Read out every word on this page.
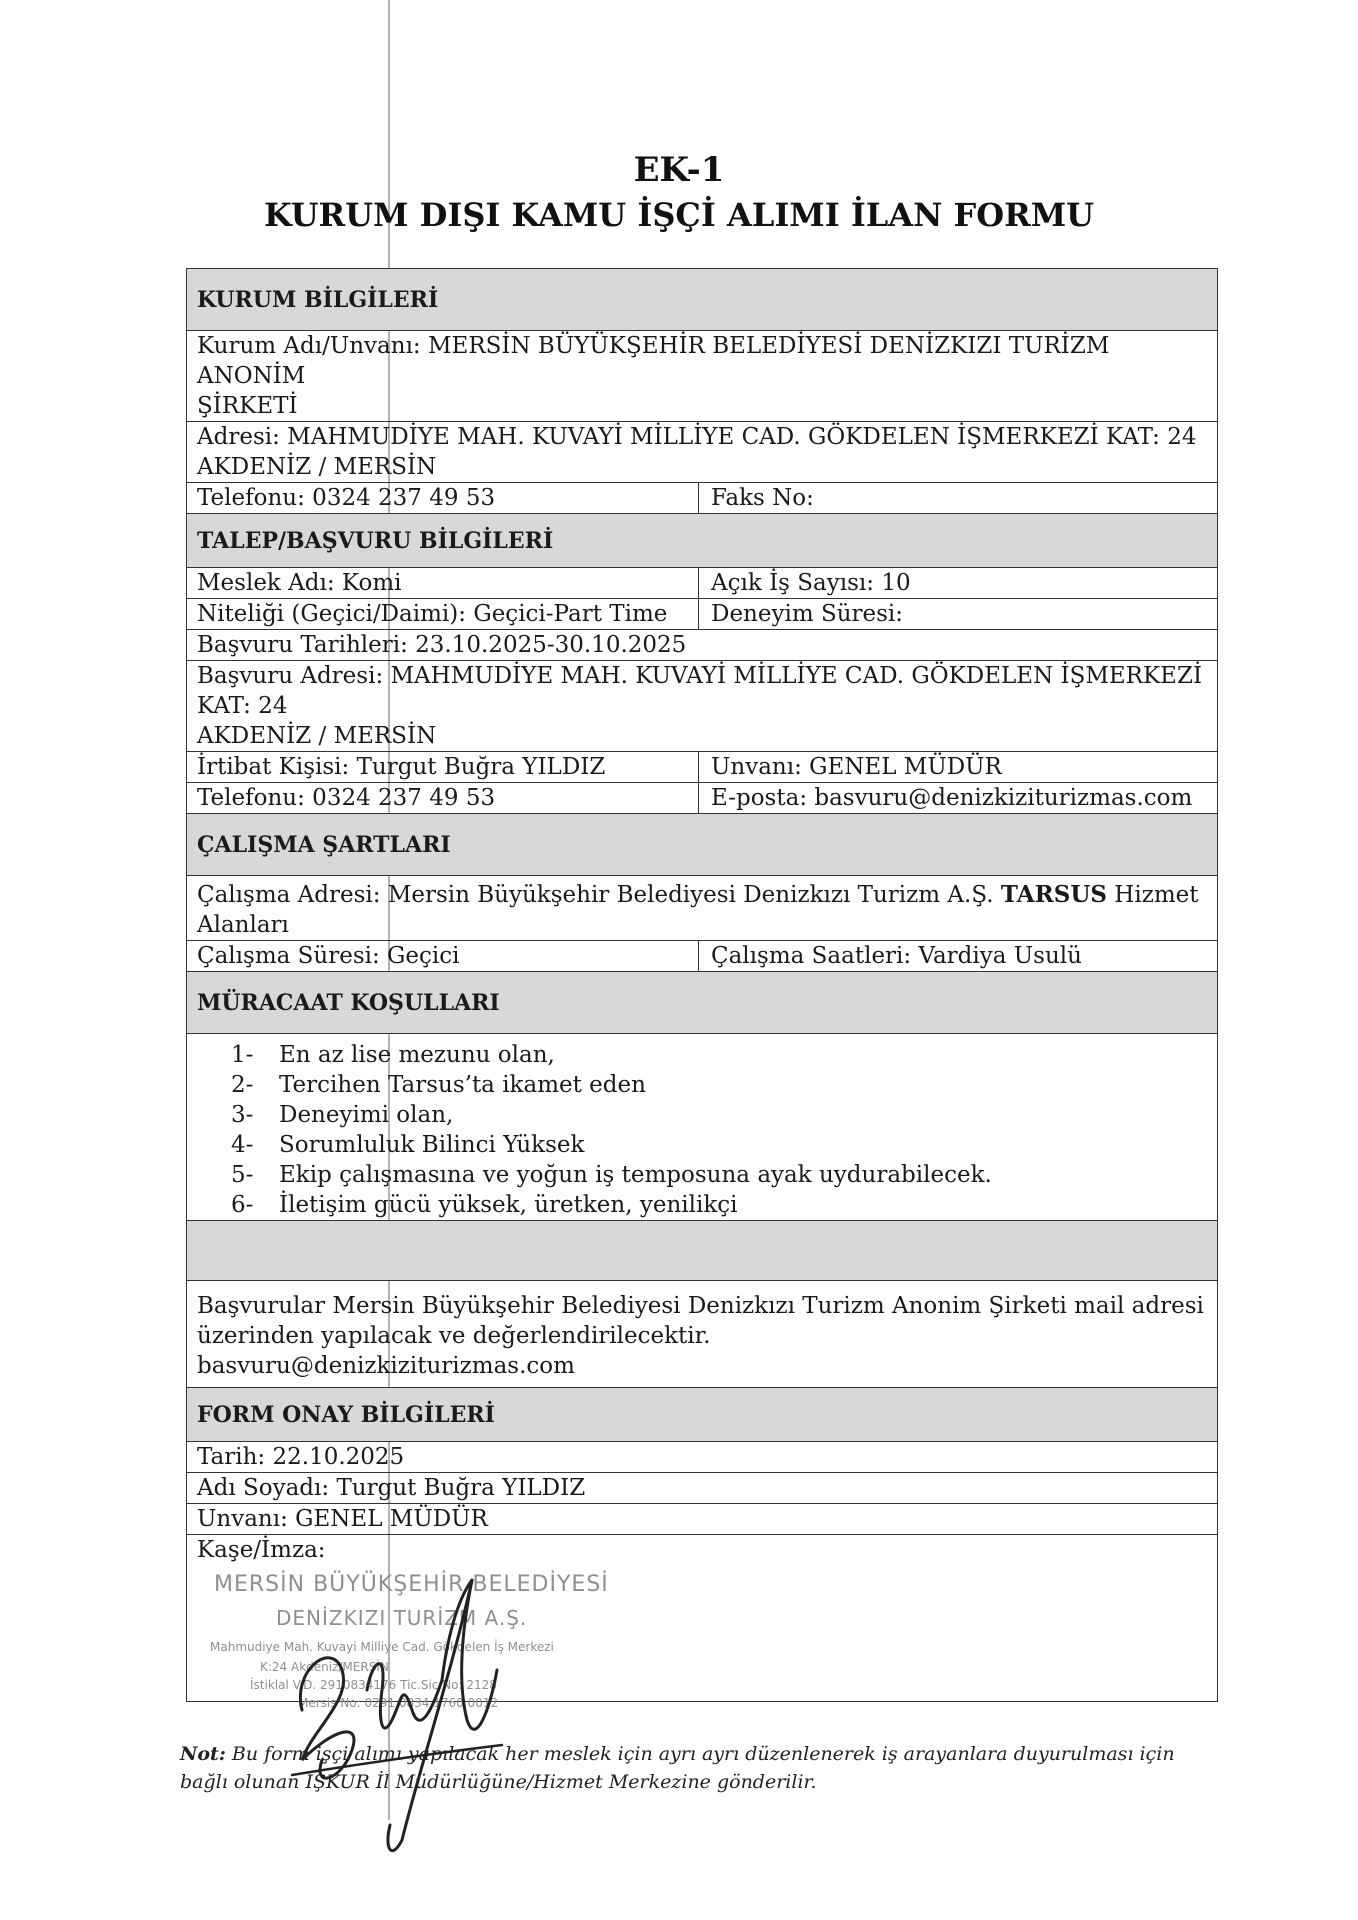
EK-1
KURUM DIŞI KAMU İŞÇİ ALIMI İLAN FORMU
KURUM BİLGİLERİ
Kurum Adı/Unvanı: MERSİN BÜYÜKŞEHİR BELEDİYESİ DENİZKIZI TURİZM ANONİM
ŞİRKETİ
Adresi: MAHMUDİYE MAH. KUVAYİ MİLLİYE CAD. GÖKDELEN İŞMERKEZİ KAT: 24
AKDENİZ / MERSİN
Telefonu: 0324 237 49 53	Faks No:
TALEP/BAŞVURU BİLGİLERİ
Meslek Adı: Komi	Açık İş Sayısı: 10
Niteliği (Geçici/Daimi): Geçici-Part Time	Deneyim Süresi:
Başvuru Tarihleri: 23.10.2025-30.10.2025
Başvuru Adresi: MAHMUDİYE MAH. KUVAYİ MİLLİYE CAD. GÖKDELEN İŞMERKEZİ KAT: 24
AKDENİZ / MERSİN
İrtibat Kişisi: Turgut Buğra YILDIZ	Unvanı: GENEL MÜDÜR
Telefonu: 0324 237 49 53	E-posta: basvuru@denizkiziturizmas.com
ÇALIŞMA ŞARTLARI
Çalışma Adresi: Mersin Büyükşehir Belediyesi Denizkızı Turizm A.Ş. TARSUS Hizmet
Alanları
Çalışma Süresi: Geçici	Çalışma Saatleri: Vardiya Usulü
MÜRACAAT KOŞULLARI
1-	En az lise mezunu olan,
2-	Tercihen Tarsus’ta ikamet eden
3-	Deneyimi olan,
4-	Sorumluluk Bilinci Yüksek
5-	Ekip çalışmasına ve yoğun iş temposuna ayak uydurabilecek.
6-	İletişim gücü yüksek, üretken, yenilikçi
Başvurular Mersin Büyükşehir Belediyesi Denizkızı Turizm Anonim Şirketi mail adresi
üzerinden yapılacak ve değerlendirilecektir.
basvuru@denizkiziturizmas.com
FORM ONAY BİLGİLERİ
Tarih: 22.10.2025
Adı Soyadı: Turgut Buğra YILDIZ
Unvanı: GENEL MÜDÜR
Kaşe/İmza:
MERSİN BÜYÜKŞEHİR BELEDİYESİ
DENİZKIZI TURİZM A.Ş.
Mahmudiye Mah. Kuvayi Milliye Cad. Gökdelen İş Merkezi
K:24 Akdeniz/MERSİN
İstiklal V.D. 2910834176 Tic.Sic.No: 2128
Mersis No: 0291 0834 1760 0012
Not: Bu form işçi alımı yapılacak her meslek için ayrı ayrı düzenlenerek iş arayanlara duyurulması için bağlı olunan İŞKUR İl Müdürlüğüne/Hizmet Merkezine gönderilir.
